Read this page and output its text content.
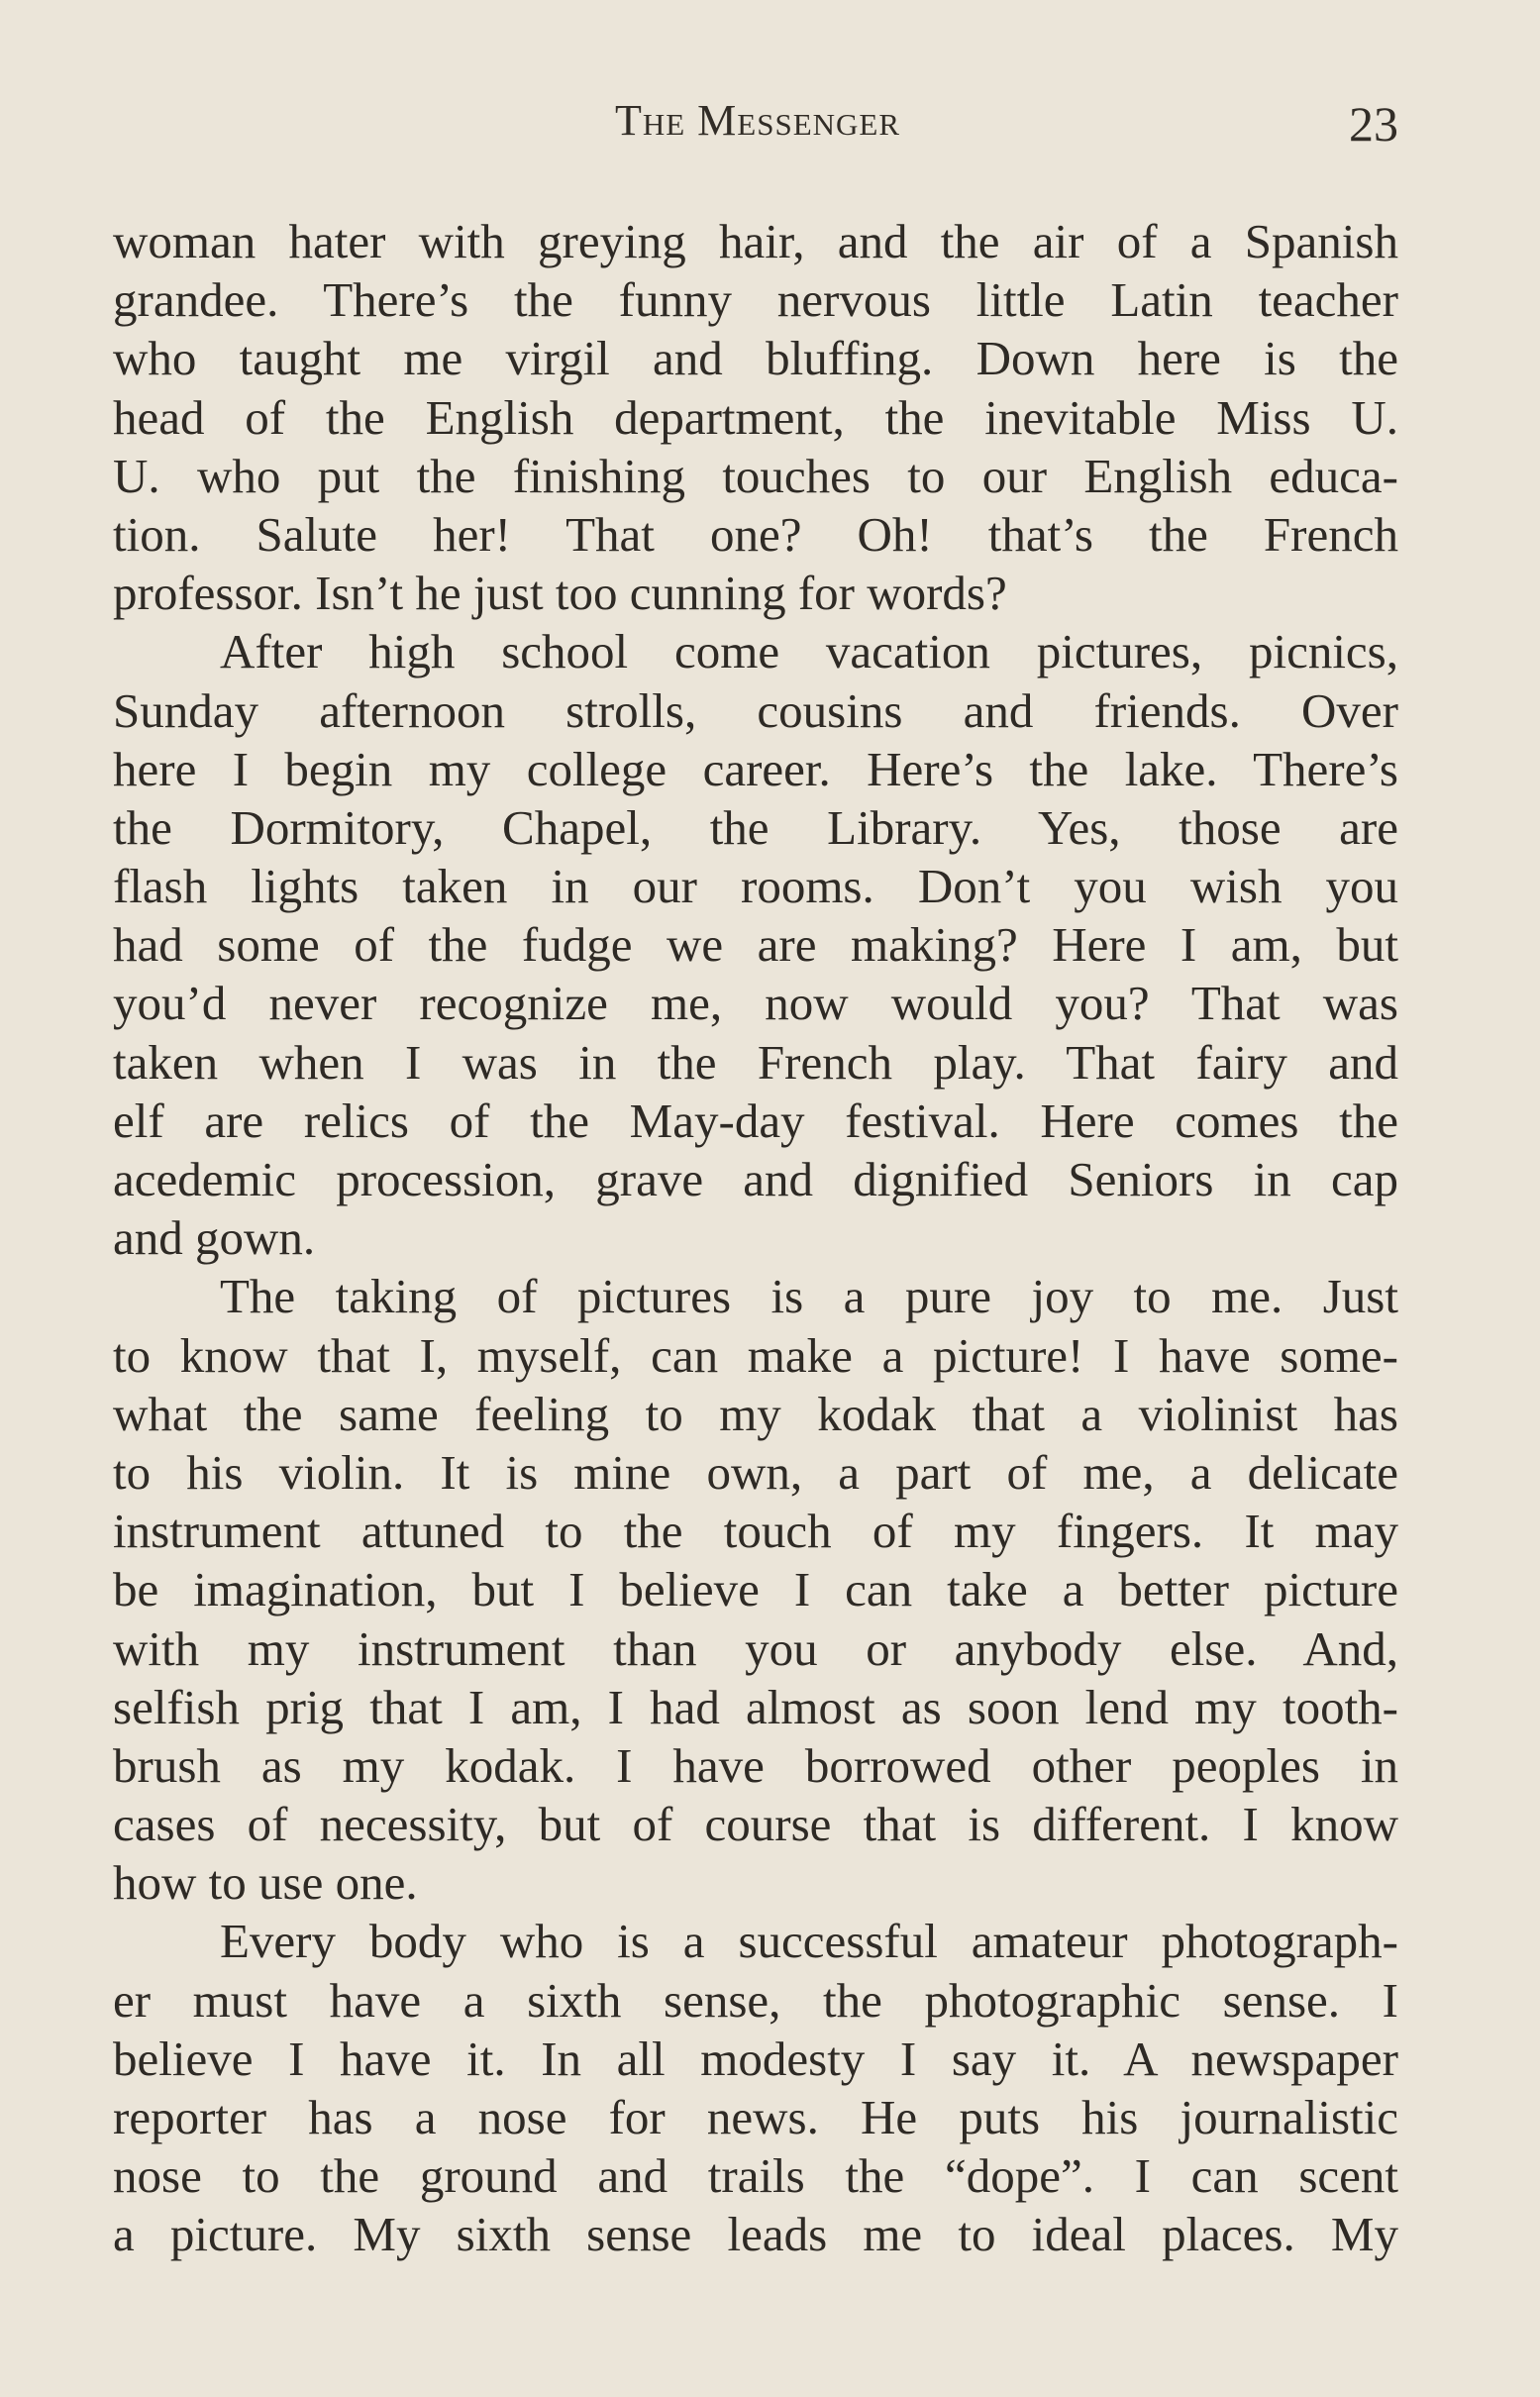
The Messenger	23
woman hater with greying hair, and the air of a Spanish
grandee. There’s the funny nervous little Latin teacher
who taught me virgil and bluffing. Down here is the
head of the English department, the inevitable Miss U.
U. who put the finishing touches to our English educa-
tion. Salute her! That one? Oh! that’s the French
professor. Isn’t he just too cunning for words?
After high school come vacation pictures, picnics,
Sunday afternoon strolls, cousins and friends. Over
here I begin my college career. Here’s the lake. There’s
the Dormitory, Chapel, the Library. Yes, those are
flash lights taken in our rooms. Don’t you wish you
had some of the fudge we are making? Here I am, but
you’d never recognize me, now would you? That was
taken when I was in the French play. That fairy and
elf are relics of the May-day festival. Here comes the
acedemic procession, grave and dignified Seniors in cap
and gown.
The taking of pictures is a pure joy to me. Just
to know that I, myself, can make a picture! I have some-
what the same feeling to my kodak that a violinist has
to his violin. It is mine own, a part of me, a delicate
instrument attuned to the touch of my fingers. It may
be imagination, but I believe I can take a better picture
with my instrument than you or anybody else. And,
selfish prig that I am, I had almost as soon lend my tooth-
brush as my kodak. I have borrowed other peoples in
cases of necessity, but of course that is different. I know
how to use one.
Every body who is a successful amateur photograph-
er must have a sixth sense, the photographic sense. I
believe I have it. In all modesty I say it. A newspaper
reporter has a nose for news. He puts his journalistic
nose to the ground and trails the “dope”. I can scent
a picture. My sixth sense leads me to ideal places. My
